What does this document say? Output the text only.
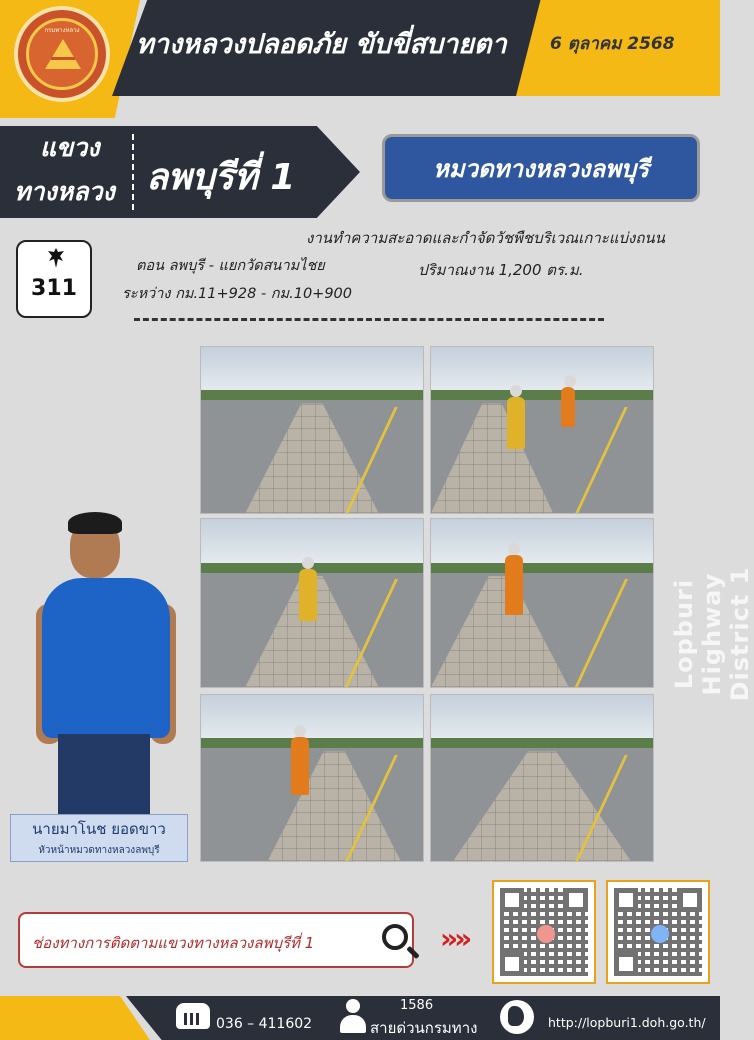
กรมทางหลวง	ทางหลวงปลอดภัย ขับขี่สบายตา	6 ตุลาคม 2568
แขวง
ทางหลวง ลพบุรีที่ 1	หมวดทางหลวงลพบุรี
311
งานทำความสะอาดและกำจัดวัชพืชบริเวณเกาะแบ่งถนน
ตอน ลพบุรี - แยกวัดสนามไชย	ปริมาณงาน 1,200 ตร.ม.
ระหว่าง กม.11+928 - กม.10+900
นายมาโนช ยอดขาว
หัวหน้าหมวดทางหลวงลพบุรี
Lopburi Highway District 1
ช่องทางการติดตามแขวงทางหลวงลพบุรีที่ 1	»»
036 – 411602
1586
สายด่วนกรมทาง	http://lopburi1.doh.go.th/
